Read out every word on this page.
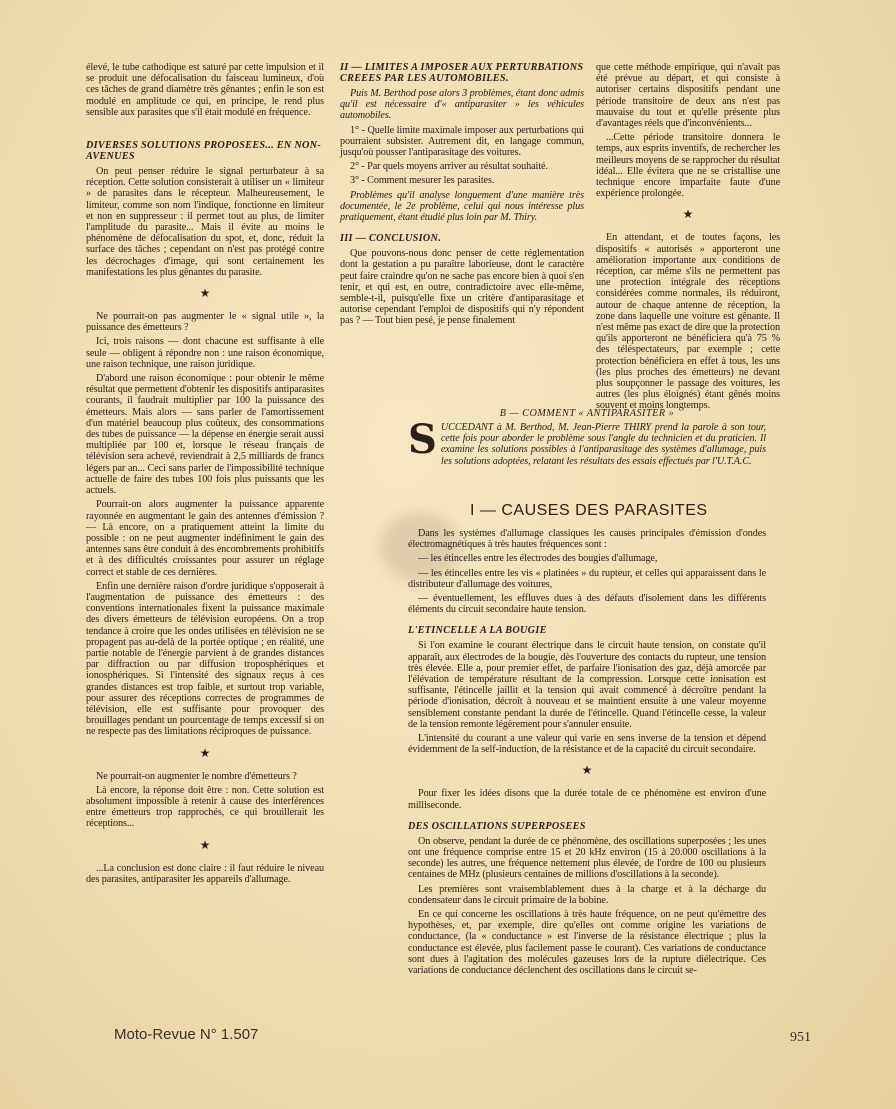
élevé, le tube cathodique est saturé par cette impulsion et il se produit une défocalisation du faisceau lumineux, d'où ces tâches de grand diamètre très gênantes ; enfin le son est modulé en amplitude ce qui, en principe, le rend plus sensible aux parasites que s'il était modulé en fréquence.

DIVERSES SOLUTIONS PROPOSEES... EN NON-AVENUES

On peut penser réduire le signal perturbateur à sa réception. Cette solution consisterait à utiliser un « limiteur » de parasites dans le récepteur. Malheureusement, le limiteur, comme son nom l'indique, fonctionne en limiteur et non en suppresseur : il permet tout au plus, de limiter l'amplitude du parasite... Mais il évite au moins le phénomène de défocalisation du spot, et, donc, réduit la surface des tâches ; cependant on n'est pas protégé contre les décrochages d'image, qui sont certainement les manifestations les plus gênantes du parasite.

★

Ne pourrait-on pas augmenter le « signal utile », la puissance des émetteurs ?

Ici, trois raisons — dont chacune est suffisante à elle seule — obligent à répondre non : une raison économique, une raison technique, une raison juridique.

D'abord une raison économique : pour obtenir le même résultat que permettent d'obtenir les dispositifs antiparasites courants, il faudrait multiplier par 100 la puissance des émetteurs. Mais alors — sans parler de l'amortissement d'un matériel beaucoup plus coûteux, des consommations des tubes de puissance — la dépense en énergie serait aussi multipliée par 100 et, lorsque le réseau français de télévision sera achevé, reviendrait à 2,5 milliards de francs légers par an... Ceci sans parler de l'impossibilité technique actuelle de faire des tubes 100 fois plus puissants que les actuels.

Pourrait-on alors augmenter la puissance apparente rayonnée en augmentant le gain des antennes d'émission ? — Là encore, on a pratiquement atteint la limite du possible : on ne peut augmenter indéfiniment le gain des antennes sans être conduit à des encombrements prohibitifs et à des difficultés croissantes pour assurer un réglage correct et stable de ces dernières.

Enfin une dernière raison d'ordre juridique s'opposerait à l'augmentation de puissance des émetteurs : des conventions internationales fixent la puissance maximale des divers émetteurs de télévision européens. On a trop tendance à croire que les ondes utilisées en télévision ne se propagent pas au-delà de la portée optique ; en réalité, une partie notable de l'énergie parvient à de grandes distances par diffraction ou par diffusion troposphériques et ionosphériques. Si l'intensité des signaux reçus à ces grandes distances est trop faible, et surtout trop variable, pour assurer des réceptions correctes de programmes de télévision, elle est suffisante pour provoquer des brouillages pendant un pourcentage de temps excessif si on ne respecte pas des limitations réciproques de puissance.

★

Ne pourrait-on augmenter le nombre d'émetteurs ?

Là encore, la réponse doit être : non. Cette solution est absolument impossible à retenir à cause des interférences entre émetteurs trop rapprochés, ce qui brouillerait les réceptions...

★

...La conclusion est donc claire : il faut réduire le niveau des parasites, antiparasiter les appareils d'allumage.

II — LIMITES A IMPOSER AUX PERTURBATIONS CREEES PAR LES AUTOMOBILES.

Puis M. Berthod pose alors 3 problèmes, étant donc admis qu'il est nécessaire d'« antiparasiter » les véhicules automobiles.

1° - Quelle limite maximale imposer aux perturbations qui pourraient subsister. Autrement dit, en langage commun, jusqu'où pousser l'antiparasitage des voitures.

2° - Par quels moyens arriver au résultat souhaité.

3° - Comment mesurer les parasites.

Problèmes qu'il analyse longuement d'une manière très documentée, le 2e problème, celui qui nous intéresse plus pratiquement, étant étudié plus loin par M. Thiry.

III — CONCLUSION.

Que pouvons-nous donc penser de cette réglementation dont la gestation a pu paraître laborieuse, dont le caractère peut faire craindre qu'on ne sache pas encore bien à quoi s'en tenir, et qui est, en outre, contradictoire avec elle-même, semble-t-il, puisqu'elle fixe un critère d'antiparasitage et autorise cependant l'emploi de dispositifs qui n'y répondent pas ? — Tout bien pesé, je pense finalement

que cette méthode empirique, qui n'avait pas été prévue au départ, et qui consiste à autoriser certains dispositifs pendant une période transitoire de deux ans n'est pas mauvaise du tout et qu'elle présente plus d'avantages réels que d'inconvénients...

...Cette période transitoire donnera le temps, aux esprits inventifs, de rechercher les meilleurs moyens de se rapprocher du résultat idéal... Elle évitera que ne se cristallise une technique encore imparfaite faute d'une expérience prolongée.

★

En attendant, et de toutes façons, les dispositifs « autorisés » apporteront une amélioration importante aux conditions de réception, car même s'ils ne permettent pas une protection intégrale des réceptions considérées comme normales, ils réduiront, autour de chaque antenne de réception, la zone dans laquelle une voiture est gênante. Il n'est même pas exact de dire que la protection qu'ils apporteront ne bénéficiera qu'à 75 % des téléspectateurs, par exemple ; cette protection bénéficiera en effet à tous, les uns (les plus proches des émetteurs) ne devant plus soupçonner le passage des voitures, les autres (les plus éloignés) étant gênés moins souvent et moins longtemps.

B — COMMENT « ANTIPARASITER »
S UCCEDANT à M. Berthod, M. Jean-Pierre THIRY prend la parole à son tour, cette fois pour aborder le problème sous l'angle du technicien et du praticien. Il examine les solutions possibles à l'antiparasitage des systèmes d'allumage, puis les solutions adoptées, relatant les résultats des essais effectués par l'U.T.A.C.

I — CAUSES DES PARASITES

Dans les systèmes d'allumage classiques les causes principales d'émission d'ondes électromagnétiques à très hautes fréquences sont :

— les étincelles entre les électrodes des bougies d'allumage,

— les étincelles entre les vis « platinées » du rupteur, et celles qui apparaissent dans le distributeur d'allumage des voitures,

— éventuellement, les effluves dues à des défauts d'isolement dans les différents éléments du circuit secondaire haute tension.

L'ETINCELLE A LA BOUGIE

Si l'on examine le courant électrique dans le circuit haute tension, on constate qu'il apparaît, aux électrodes de la bougie, dès l'ouverture des contacts du rupteur, une tension très élevée. Elle a, pour premier effet, de parfaire l'ionisation des gaz, déjà amorcée par l'élévation de température résultant de la compression. Lorsque cette ionisation est suffisante, l'étincelle jaillit et la tension qui avait commencé à décroître pendant la période d'ionisation, décroît à nouveau et se maintient ensuite à une valeur moyenne sensiblement constante pendant la durée de l'étincelle. Quand l'étincelle cesse, la valeur de la tension remonte légèrement pour s'annuler ensuite.

L'intensité du courant a une valeur qui varie en sens inverse de la tension et dépend évidemment de la self-induction, de la résistance et de la capacité du circuit secondaire.

★

Pour fixer les idées disons que la durée totale de ce phénomène est environ d'une milliseconde.

DES OSCILLATIONS SUPERPOSEES

On observe, pendant la durée de ce phénomène, des oscillations superposées ; les unes ont une fréquence comprise entre 15 et 20 kHz environ (15 à 20.000 oscillations à la seconde) les autres, une fréquence nettement plus élevée, de l'ordre de 100 ou plusieurs centaines de MHz (plusieurs centaines de millions d'oscillations à la seconde).

Les premières sont vraisemblablement dues à la charge et à la décharge du condensateur dans le circuit primaire de la bobine.

En ce qui concerne les oscillations à très haute fréquence, on ne peut qu'émettre des hypothèses, et, par exemple, dire qu'elles ont comme origine les variations de conductance, (la « conductance » est l'inverse de la résistance électrique ; plus la conductance est élevée, plus facilement passe le courant). Ces variations de conductance sont dues à l'agitation des molécules gazeuses lors de la rupture diélectrique. Ces variations de conductance déclenchent des oscillations dans le circuit se-

Moto-Revue N° 1.507	951
